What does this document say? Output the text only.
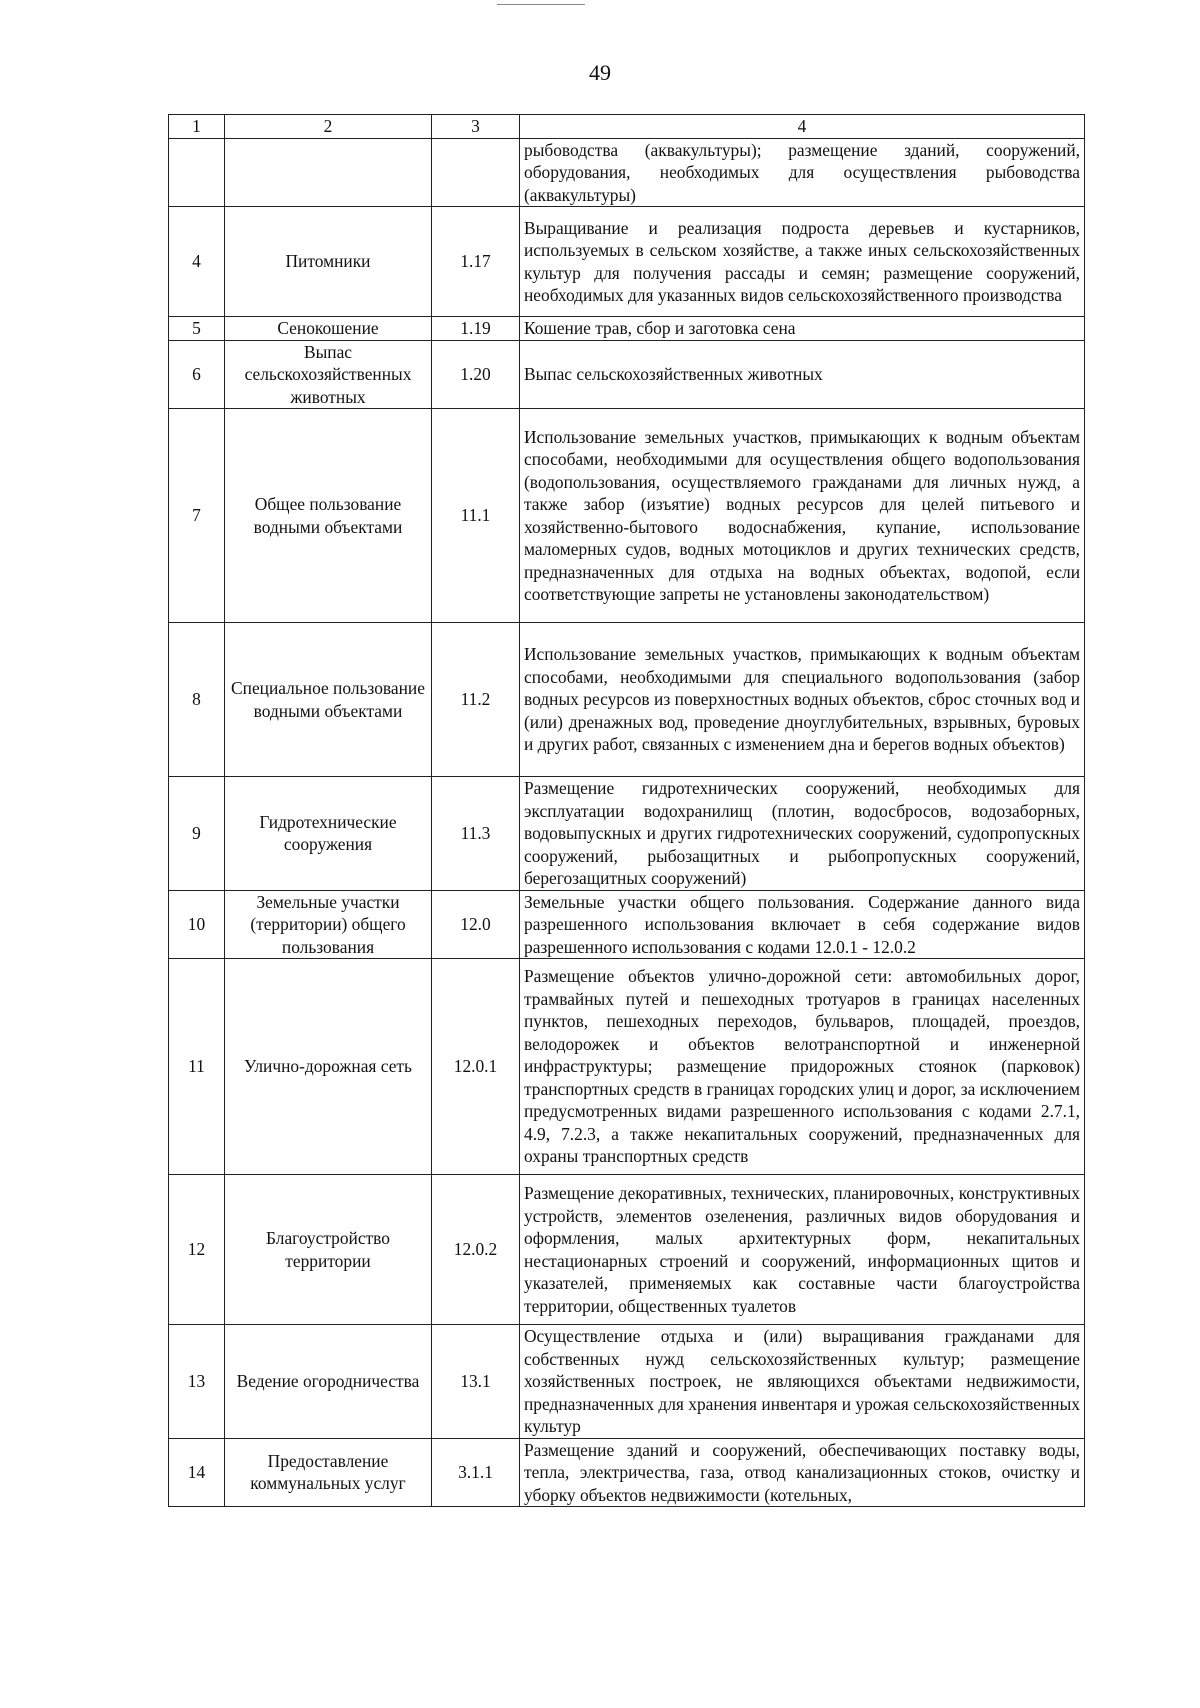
49
1	2	3	4
			рыбоводства (аквакультуры); размещение зданий, сооружений, оборудования, необходимых для осуществления рыбоводства (аквакультуры)
4	Питомники	1.17	Выращивание и реализация подроста деревьев и кустарников, используемых в сельском хозяйстве, а также иных сельскохозяйственных культур для получения рассады и семян; размещение сооружений, необходимых для указанных видов сельскохозяйственного производства
5	Сенокошение	1.19	Кошение трав, сбор и заготовка сена
6	Выпас сельскохозяйственных животных	1.20	Выпас сельскохозяйственных животных
7	Общее пользование водными объектами	11.1	Использование земельных участков, примыкающих к водным объектам способами, необходимыми для осуществления общего водопользования (водопользования, осуществляемого гражданами для личных нужд, а также забор (изъятие) водных ресурсов для целей питьевого и хозяйственно-бытового водоснабжения, купание, использование маломерных судов, водных мотоциклов и других технических средств, предназначенных для отдыха на водных объектах, водопой, если соответствующие запреты не установлены законодательством)
8	Специальное пользование водными объектами	11.2	Использование земельных участков, примыкающих к водным объектам способами, необходимыми для специального водопользования (забор водных ресурсов из поверхностных водных объектов, сброс сточных вод и (или) дренажных вод, проведение дноуглубительных, взрывных, буровых и других работ, связанных с изменением дна и берегов водных объектов)
9	Гидротехнические сооружения	11.3	Размещение гидротехнических сооружений, необходимых для эксплуатации водохранилищ (плотин, водосбросов, водозаборных, водовыпускных и других гидротехнических сооружений, судопропускных сооружений, рыбозащитных и рыбопропускных сооружений, берегозащитных сооружений)
10	Земельные участки (территории) общего пользования	12.0	Земельные участки общего пользования. Содержание данного вида разрешенного использования включает в себя содержание видов разрешенного использования с кодами 12.0.1 - 12.0.2
11	Улично-дорожная сеть	12.0.1	Размещение объектов улично-дорожной сети: автомобильных дорог, трамвайных путей и пешеходных тротуаров в границах населенных пунктов, пешеходных переходов, бульваров, площадей, проездов, велодорожек и объектов велотранспортной и инженерной инфраструктуры; размещение придорожных стоянок (парковок) транспортных средств в границах городских улиц и дорог, за исключением предусмотренных видами разрешенного использования с кодами 2.7.1, 4.9, 7.2.3, а также некапитальных сооружений, предназначенных для охраны транспортных средств
12	Благоустройство территории	12.0.2	Размещение декоративных, технических, планировочных, конструктивных устройств, элементов озеленения, различных видов оборудования и оформления, малых архитектурных форм, некапитальных нестационарных строений и сооружений, информационных щитов и указателей, применяемых как составные части благоустройства территории, общественных туалетов
13	Ведение огородничества	13.1	Осуществление отдыха и (или) выращивания гражданами для собственных нужд сельскохозяйственных культур; размещение хозяйственных построек, не являющихся объектами недвижимости, предназначенных для хранения инвентаря и урожая сельскохозяйственных культур
14	Предоставление коммунальных услуг	3.1.1	Размещение зданий и сооружений, обеспечивающих поставку воды, тепла, электричества, газа, отвод канализационных стоков, очистку и уборку объектов недвижимости (котельных,
